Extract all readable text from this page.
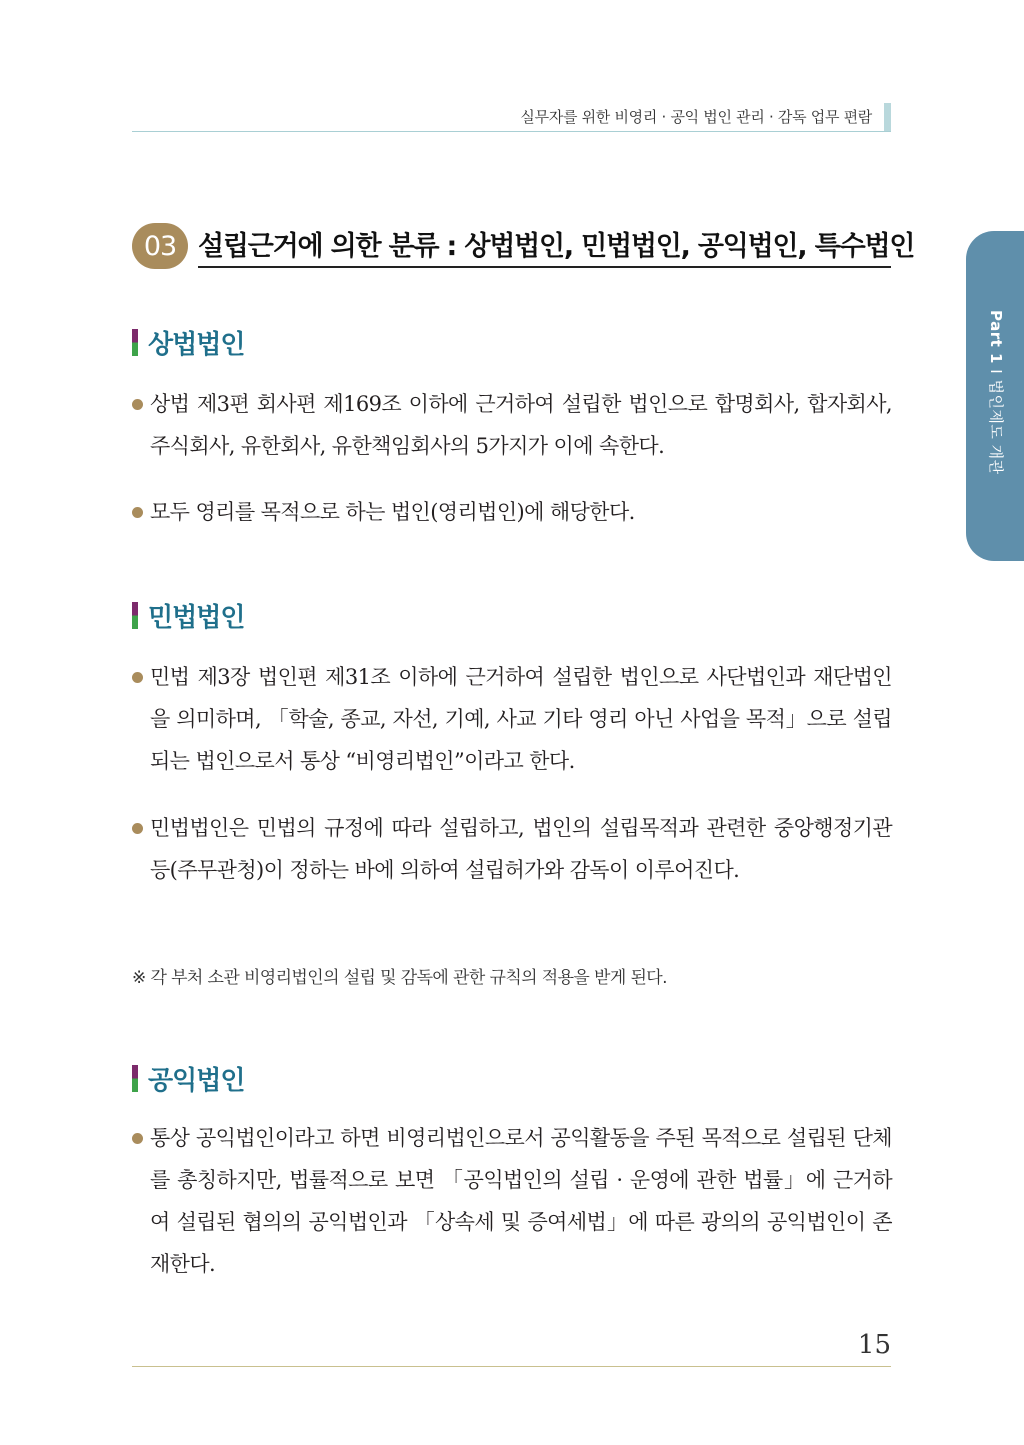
실무자를 위한 비영리 · 공익 법인 관리 · 감독 업무 편람
Part 1 I 법인제도 개관
03 설립근거에 의한 분류 : 상법법인, 민법법인, 공익법인, 특수법인
상법법인
상법 제3편 회사편 제169조 이하에 근거하여 설립한 법인으로 합명회사, 합자회사, 주식회사, 유한회사, 유한책임회사의 5가지가 이에 속한다.
모두 영리를 목적으로 하는 법인(영리법인)에 해당한다.
민법법인
민법 제3장 법인편 제31조 이하에 근거하여 설립한 법인으로 사단법인과 재단법인을 의미하며, 「학술, 종교, 자선, 기예, 사교 기타 영리 아닌 사업을 목적」으로 설립되는 법인으로서 통상 “비영리법인”이라고 한다.
민법법인은 민법의 규정에 따라 설립하고, 법인의 설립목적과 관련한 중앙행정기관 등(주무관청)이 정하는 바에 의하여 설립허가와 감독이 이루어진다.
※ 각 부처 소관 비영리법인의 설립 및 감독에 관한 규칙의 적용을 받게 된다.
공익법인
통상 공익법인이라고 하면 비영리법인으로서 공익활동을 주된 목적으로 설립된 단체를 총칭하지만, 법률적으로 보면 「공익법인의 설립 · 운영에 관한 법률」에 근거하여 설립된 협의의 공익법인과 「상속세 및 증여세법」에 따른 광의의 공익법인이 존재한다.
15
